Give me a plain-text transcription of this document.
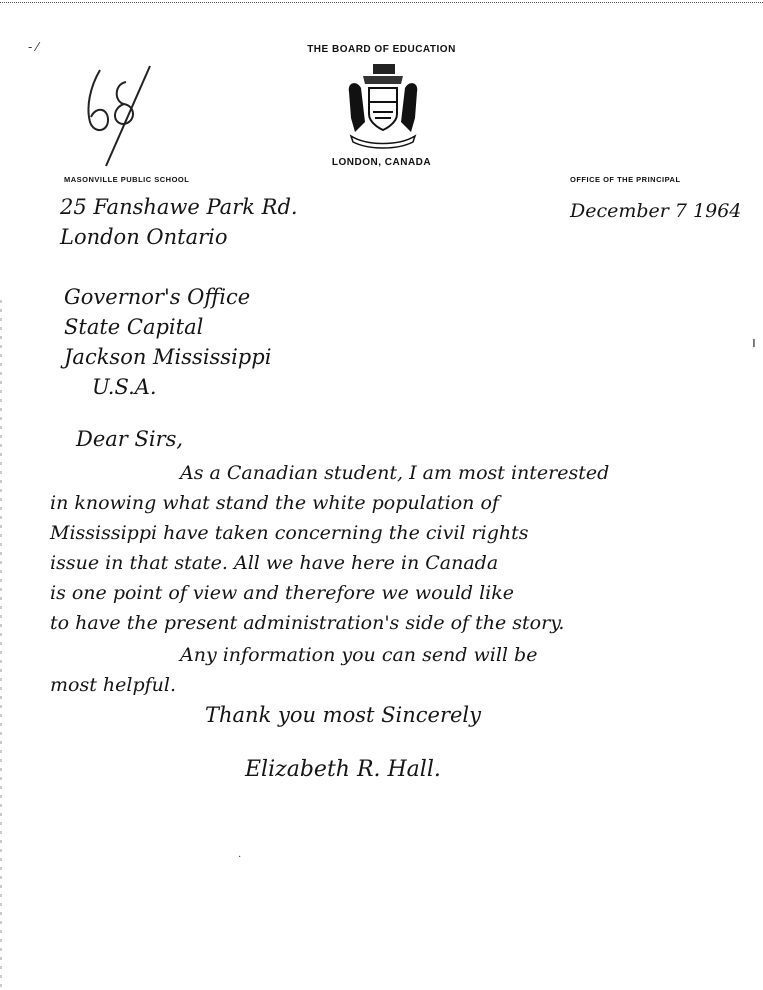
- ⁄
ı
·
THE BOARD OF EDUCATION
LONDON, CANADA
MASONVILLE PUBLIC SCHOOL	OFFICE OF THE PRINCIPAL
December 7 1964
25 Fanshawe Park Rd.
London Ontario
Governor's Office
State Capital
Jackson Mississippi
U.S.A.
Dear Sirs,
As a Canadian student, I am most interested
in knowing what stand the white population of
Mississippi have taken concerning the civil rights
issue in that state. All we have here in Canada
is one point of view and therefore we would like
to have the present administration's side of the story.
Any information you can send will be
most helpful.
Thank you most Sincerely
Elizabeth R. Hall.
